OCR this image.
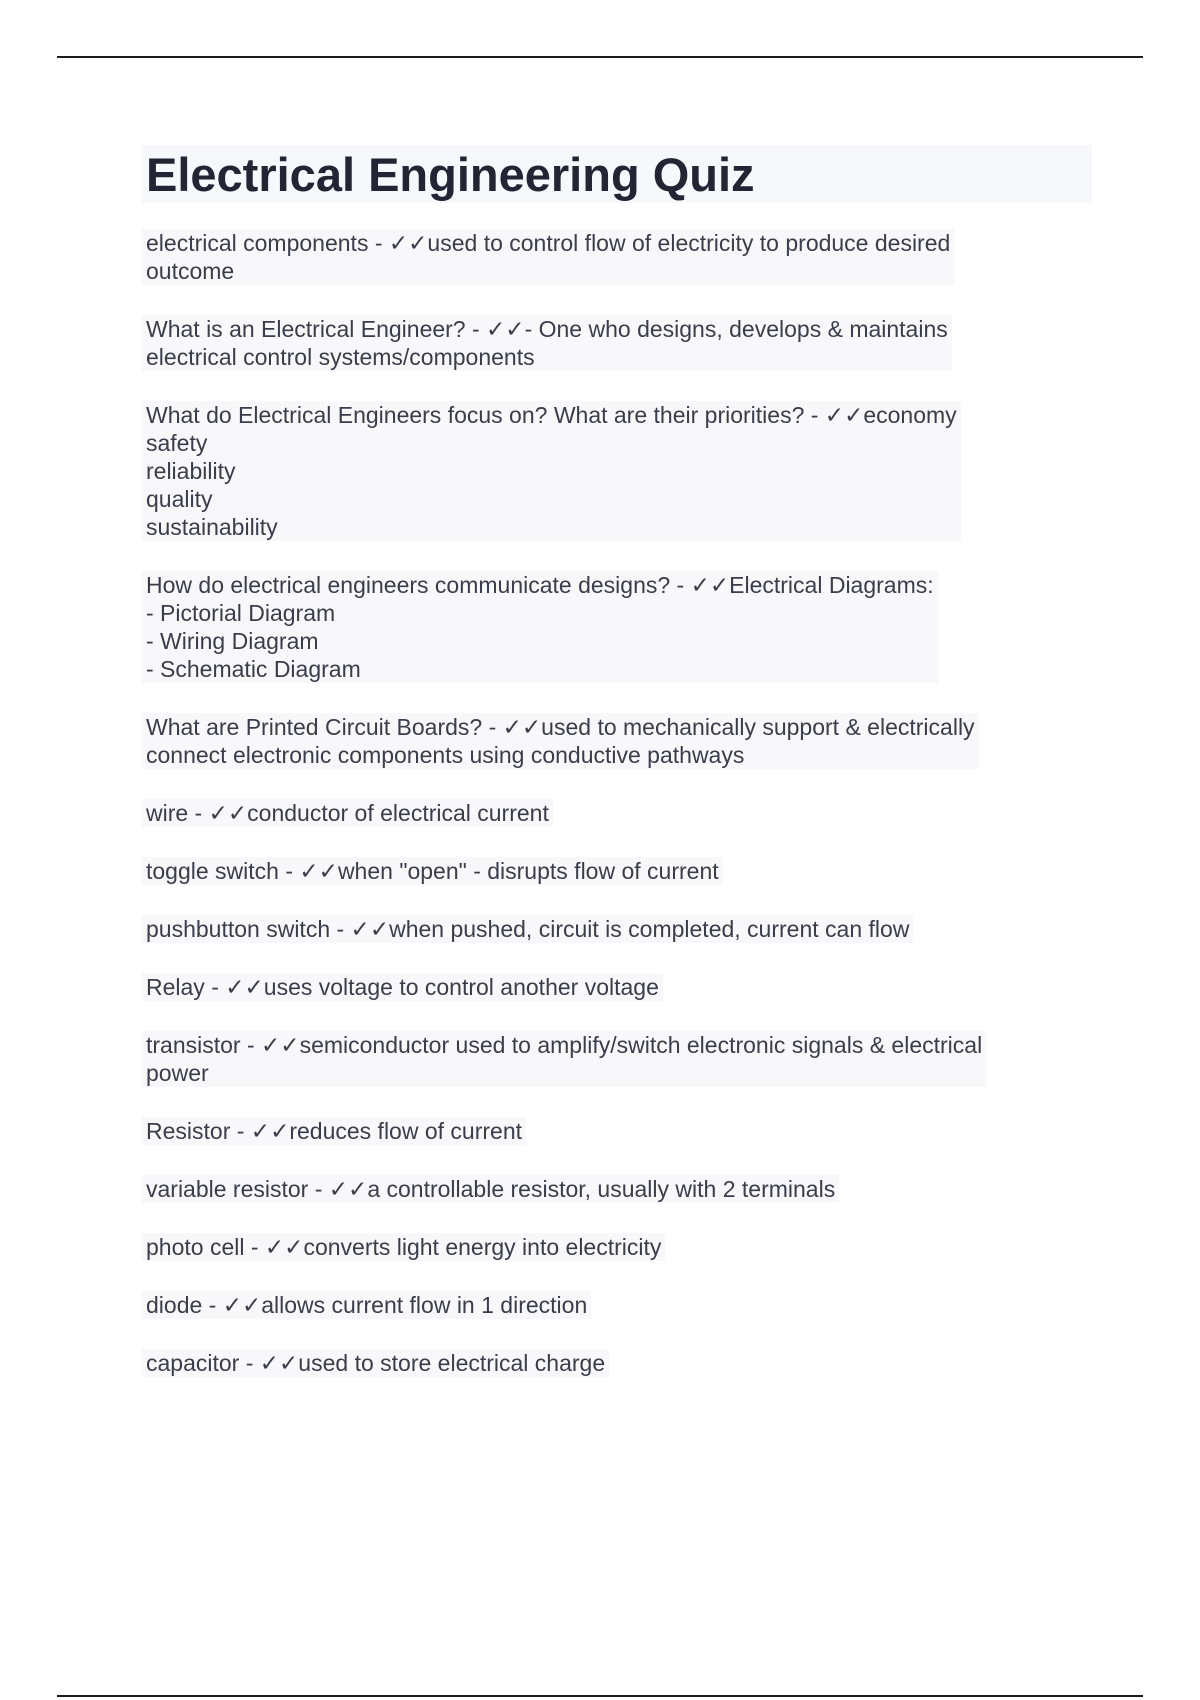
Electrical Engineering Quiz

electrical components - ✓✓used to control flow of electricity to produce desired
outcome

What is an Electrical Engineer? - ✓✓- One who designs, develops & maintains
electrical control systems/components

What do Electrical Engineers focus on? What are their priorities? - ✓✓economy
safety
reliability
quality
sustainability

How do electrical engineers communicate designs? - ✓✓Electrical Diagrams:
- Pictorial Diagram
- Wiring Diagram
- Schematic Diagram

What are Printed Circuit Boards? - ✓✓used to mechanically support & electrically
connect electronic components using conductive pathways

wire - ✓✓conductor of electrical current

toggle switch - ✓✓when "open" - disrupts flow of current

pushbutton switch - ✓✓when pushed, circuit is completed, current can flow

Relay - ✓✓uses voltage to control another voltage

transistor - ✓✓semiconductor used to amplify/switch electronic signals & electrical
power

Resistor - ✓✓reduces flow of current

variable resistor - ✓✓a controllable resistor, usually with 2 terminals

photo cell - ✓✓converts light energy into electricity

diode - ✓✓allows current flow in 1 direction

capacitor - ✓✓used to store electrical charge
